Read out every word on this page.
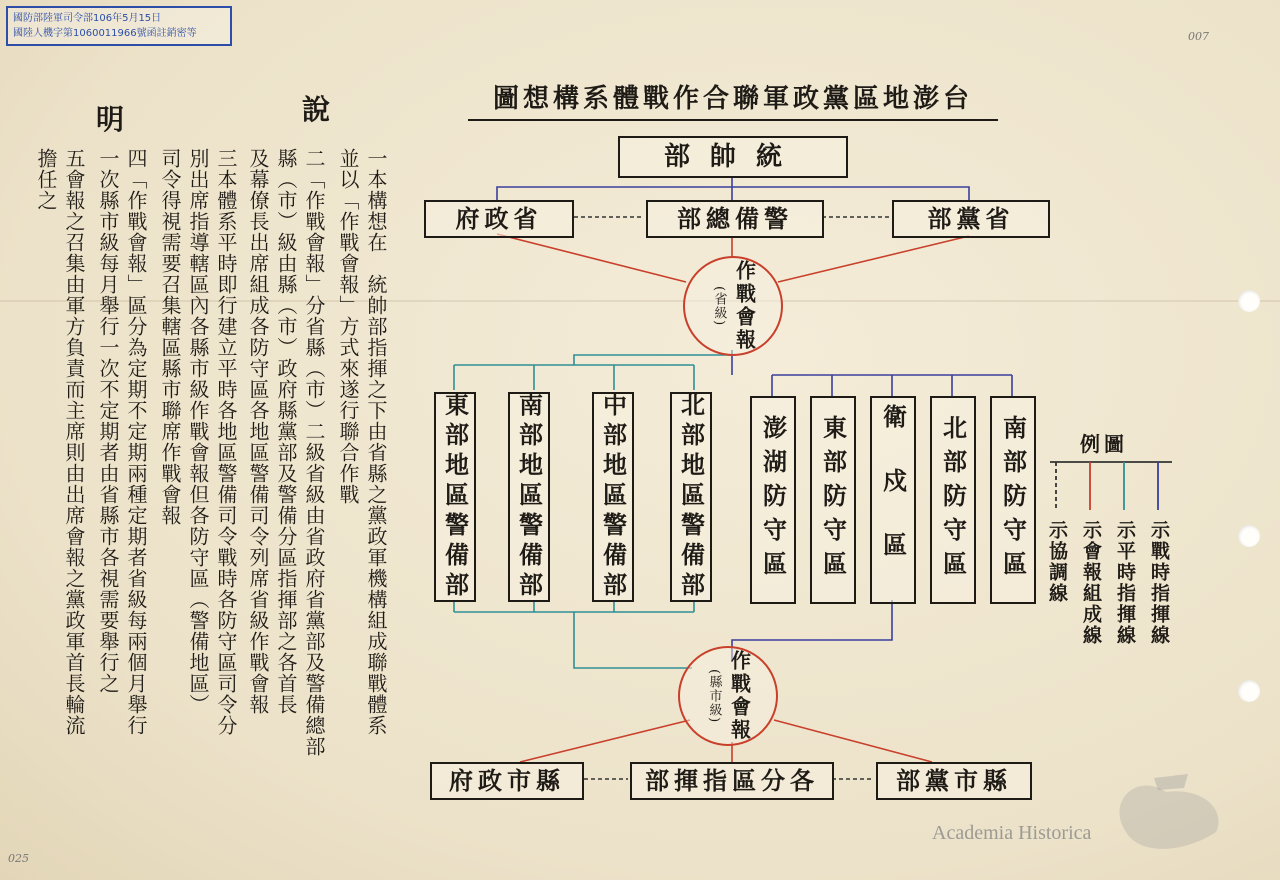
國防部陸軍司令部106年5月15日
國陸人機字第1060011966號函註銷密等	007
025
說
明
一本構想在　統帥部指揮之下由省縣之黨政軍機構組成聯戰體系
並以「作戰會報」方式來遂行聯合作戰
二「作戰會報」分省縣（市）二級省級由省政府省黨部及警備總部
縣（市）級由縣（市）政府縣黨部及警備分區指揮部之各首長
及幕僚長出席組成各防守區各地區警備司令列席省級作戰會報
三本體系平時即行建立平時各地區警備司令戰時各防守區司令分
別出席指導轄區內各縣市級作戰會報但各防守區（警備地區）
司令得視需要召集轄區縣市聯席作戰會報
四「作戰會報」區分為定期不定期兩種定期者省級每兩個月舉行
一次縣市級每月舉行一次不定期者由省縣市各視需要舉行之
五會報之召集由軍方負責而主席則由出席會報之黨政軍首長輪流
擔任之
台澎地區黨政軍聯合作戰體系構想圖
統帥部
省政府	警備總部	省黨部
作戰會報
(省級)
東部地區警備部 南部地區警備部 中部地區警備部 北部地區警備部	澎湖防守區	東部防守區	衛戍區	北部防守區	南部防守區
作戰會報
(縣市級)
縣市政府	各分區指揮部	縣市黨部
圖例
示戰時指揮線
示平時指揮線
示會報組成線
示協調線
Academia Historica
